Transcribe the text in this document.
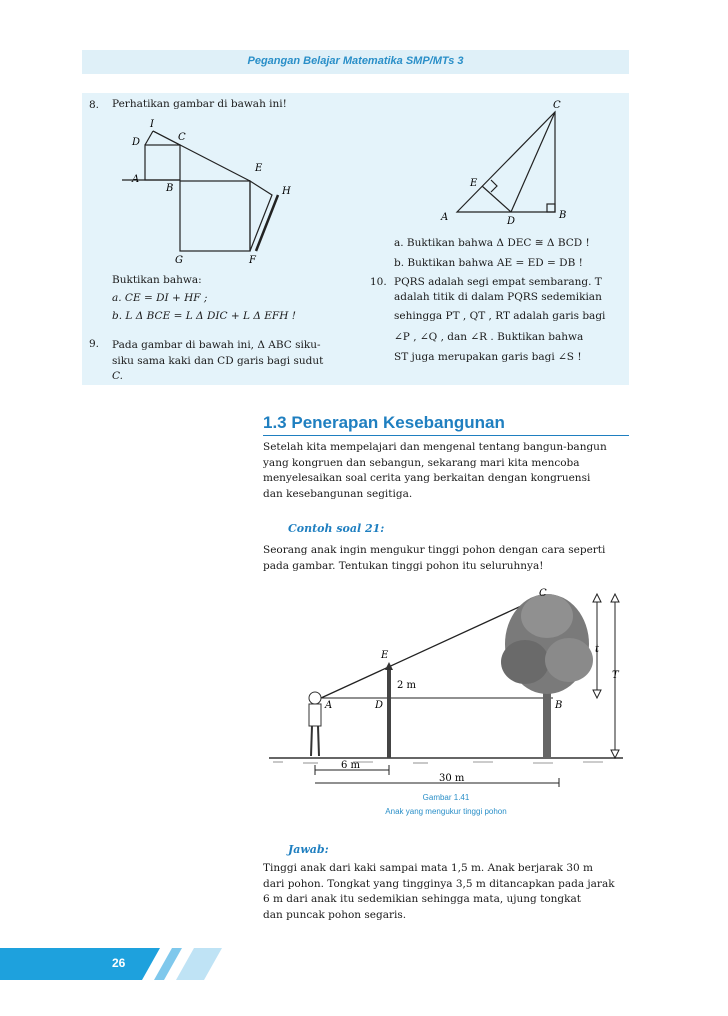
Pegangan Belajar Matematika SMP/MTs 3
8. Perhatikan gambar di bawah ini!
I
D	C
E
A
B	H
G	F
Buktikan bahwa:
a. CE = DI + HF ;
b. L Δ BCE = L Δ DIC + L Δ EFH !
9. Pada gambar di bawah ini, Δ ABC siku-
siku sama kaki dan CD garis bagi sudut
C.
A
C
E
D
B
a. Buktikan bahwa Δ DEC ≅ Δ BCD !
b. Buktikan bahwa AE = ED = DB !
10. PQRS adalah segi empat sembarang. T
adalah titik di dalam PQRS sedemikian
sehingga PT , QT , RT adalah garis bagi
∠P , ∠Q , dan ∠R . Buktikan bahwa
ST juga merupakan garis bagi ∠S !
1.3 Penerapan Kesebangunan
Setelah kita mempelajari dan mengenal tentang bangun-bangun
yang kongruen dan sebangun, sekarang mari kita mencoba
menyelesaikan soal cerita yang berkaitan dengan kongruensi
dan kesebangunan segitiga.
Contoh soal 21:
Seorang anak ingin mengukur tinggi pohon dengan cara seperti
pada gambar. Tentukan tinggi pohon itu seluruhnya!
C
E
A	D	B
t
T
2 m
6 m
30 m
Gambar 1.41
Anak yang mengukur tinggi pohon
Jawab:
Tinggi anak dari kaki sampai mata 1,5 m. Anak berjarak 30 m
dari pohon. Tongkat yang tingginya 3,5 m ditancapkan pada jarak
6 m dari anak itu sedemikian sehingga mata, ujung tongkat
dan puncak pohon segaris.
26
